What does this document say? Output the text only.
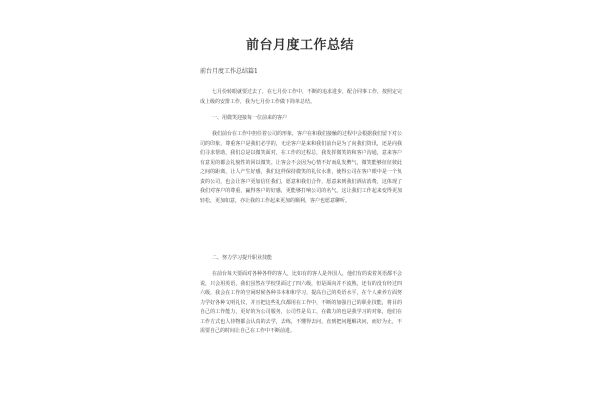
前台月度工作总结
前台月度工作总结篇1
七月份转眼就要过去了，在七月份工作中，不断的追求进步，配合同事工作，按照定完成上级的安排工作，我为七月份工作做下简单总结。
一、用微笑迎接每一位前来的客户
我们前台在工作中担任着公司的形象，客户在和我们接触的过程中会根据我们留下对公司的印象，尊重客户是我们必学的，无论客户是来和我们前台是为了向我们资讯，还是向我们寻求帮助，我们总是以微笑面对，在工作的过程总，我发挥微笑的和客户沟通，意来客户有意见的都会礼貌性的回以微笑。让客会不会因为心情不好而乱发脾气，微笑能够征征彼此之间的距离，让人产生好感，我们这样保持微笑的礼仪水准，使得公司在客户眼中是一个负责的公司，也会让客户更加信任我们，愿意和我们合作，愿意来到我们酒店消费，这体现了我们对客户的尊重，赢得客户的好感，更能够打响公司的名气，这让我们工作起来变得更加轻松，更加如意，亦让我的工作起来更加的顺利，客户也愿意聊听。
二、努力学习提升职业技能
在前台每天要面对各种各样的客人，比如有的客人是外国人，他们有的说着英语都不会说，只会用英语，我们虽然在学校里面过了四六级，但是面向并不流熟，还有的没有经过四六级，我会在工作的空闲时候各种书本和和学习，提高自己的英语水平，在个人素养方面努力学好各种文明礼仪，并且把这些礼仪都用在工作中，不断的加强自己的职业技能，将目的自己的工作能力，更好的为公司服务，公司性是员工，在做力的也是我学习的对象，他们在工作方式也人待物都会认真的去学，去练，不懂得去问，直到把问题解决问，而好为止，不需要自己的时间让自己在工作中不断前进。
